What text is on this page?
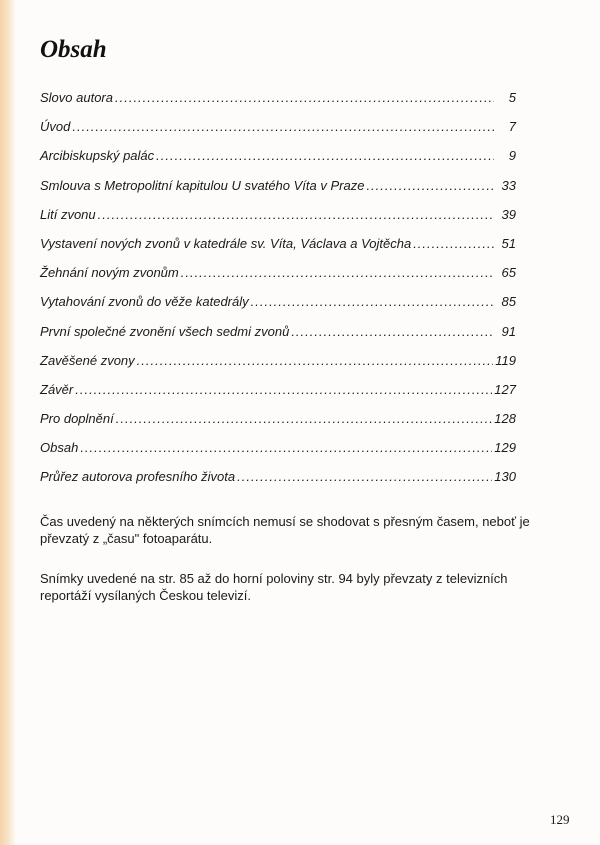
Obsah
Slovo autora .....	5
Úvod .....	7
Arcibiskupský palác .....	9
Smlouva s Metropolitní kapitulou U svatého Víta v Praze .....	33
Lití zvonu .....	39
Vystavení nových zvonů v katedrále sv. Víta, Václava a Vojtěcha .....	51
Žehnání novým zvonům .....	65
Vytahování zvonů do věže katedrály .....	85
První společné zvonění všech sedmi zvonů .....	91
Zavěšené zvony .....	119
Závěr .....	127
Pro doplnění .....	128
Obsah .....	129
Průřez autorova profesního života .....	130
Čas uvedený na některých snímcích nemusí se shodovat s přesným časem, neboť je převzatý z „času" fotoaparátu.
Snímky uvedené na str. 85 až do horní poloviny str. 94 byly převzaty z televizních reportáží vysílaných Českou televizí.
129
